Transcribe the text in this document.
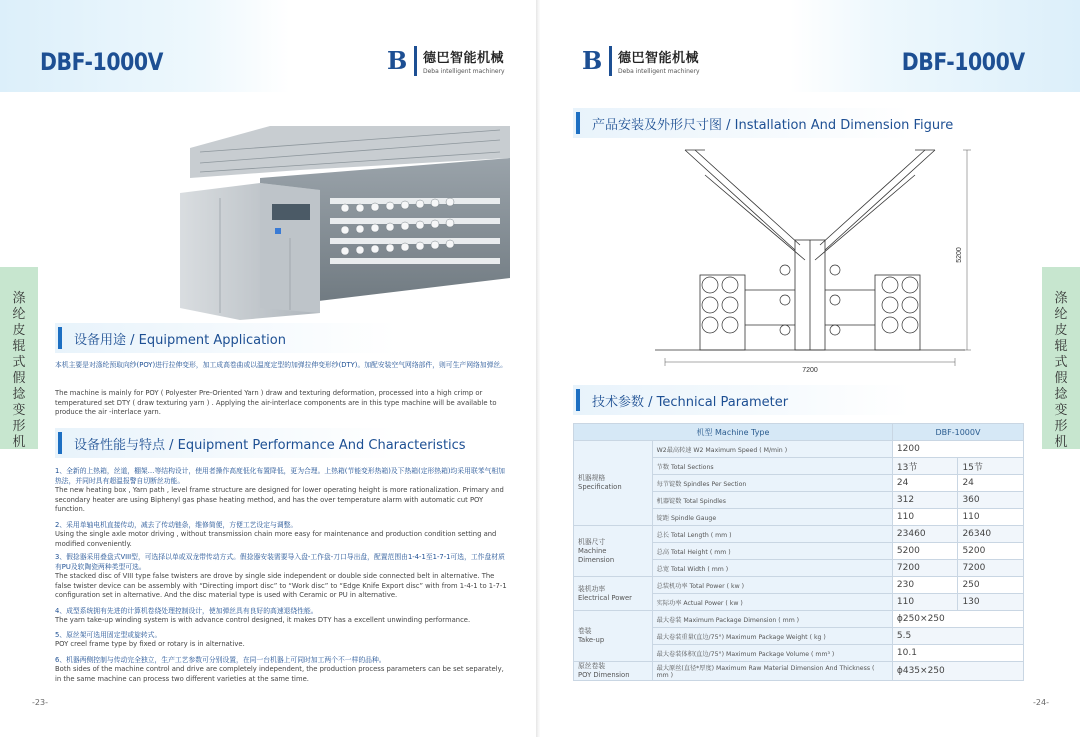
DBF-1000V	B 德巴智能机械
Deba intelligent machinery
涤
纶
皮
辊
式
假
捻
变
形
机
设备用途 / Equipment Application
本机主要是对涤纶预取向纱(POY)进行拉伸变形，加工成高卷曲或以温度定型的加弹拉伸变形纱(DTY)。加配安装空气网络部件，则可生产网络加弹丝。
The machine is mainly for POY ( Polyester Pre-Oriented Yarn ) draw and texturing deformation, processed into a high crimp or temperatured set DTY ( draw texturing yarn ) . Applying the air-interlace components are in this type machine will be available to produce the air -interlace yarn.
设备性能与特点 / Equipment Performance And Characteristics
1、全新的上热箱，丝道，棚架…等结构设计，使用者操作高度低化布置降低，更为合理。上热箱(节能变形热箱)及下热箱(定形热箱)均采用联苯气相加热法，并同时具有超温报警自切断丝功能。
The new heating box , Yarn path , level frame structure are designed for lower operating height is more rationalization. Primary and secondary heater are using Biphenyl gas phase heating method, and has the over temperature alarm with automatic cut POY function.
2、采用单轴电机直接传动，减去了传动链条，维修简便，方便工艺设定与调整。
Using the single axle motor driving , without transmission chain more easy for maintenance and production condition setting and modified conveniently.
3、假捻器采用叠盘式VIII型，可选择以单或双龙带传动方式。假捻器安装需要导入盘-工作盘-刀口导出盘，配置范围由1-4-1至1-7-1可选，工作盘材质有PU及软陶瓷两种类型可选。
The stacked disc of VIII type false twisters are drove by single side independent or double side connected belt in alternative. The false twister device can be assembly with “Directing import disc” to “Work disc” to “Edge Knife Export disc” with from 1-4-1 to 1-7-1 configuration set in alternative. And the disc material type is used with Ceramic or PU in alternative.
4、成型系统拥有先进的计算机卷绕处理控制设计，使加弹丝具有良好的高速退绕性能。
The yarn take-up winding system is with advance control designed, it makes DTY has a excellent unwinding performance.
5、原丝架可选用固定型或旋转式。
POY creel frame type by fixed or rotary is in alternative.
6、机器两侧控制与传动完全独立，生产工艺参数可分别设置，在同一台机器上可同时加工两个不一样的品种。
Both sides of the machine control and drive are completely independent, the production process parameters can be set separately, in the same machine can process two different varieties at the same time.
-23-
DBF-1000V
B 德巴智能机械
Deba intelligent machinery
涤
纶
皮
辊
式
假
捻
变
形
机
产品安装及外形尺寸图 / Installation And Dimension Figure
7200
5200
技术参数 / Technical Parameter
机型 Machine Type		DBF-1000V	
机器规格
Specification	W2最高转速 W2 Maximum Speed ( M/min )	1200	
	节数 Total Sections	13节	15节
	每节锭数 Spindles Per Section	24	24
	机器锭数 Total Spindles	312	360
	锭距 Spindle Gauge	110	110
机器尺寸
Machine
Dimension	总长 Total Length ( mm )	23460	26340
	总高 Total Height ( mm )	5200	5200
	总宽 Total Width ( mm )	7200	7200
装机功率
Electrical Power	总装机功率 Total Power ( kw )	230	250
	实际功率 Actual Power ( kw )	110	130
卷装
Take-up	最大卷装 Maximum Package Dimension ( mm )	ϕ250×250	
	最大卷装重量(直边/75°) Maximum Package Weight ( kg )	5.5	
	最大卷装体积(直边/75°) Maximum Package Volume ( mm³ )	10.1	
原丝卷装
POY Dimension	最大原丝(直径*厚度) Maximum Raw Material Dimension And Thickness ( mm )	ϕ435×250	
-24-
